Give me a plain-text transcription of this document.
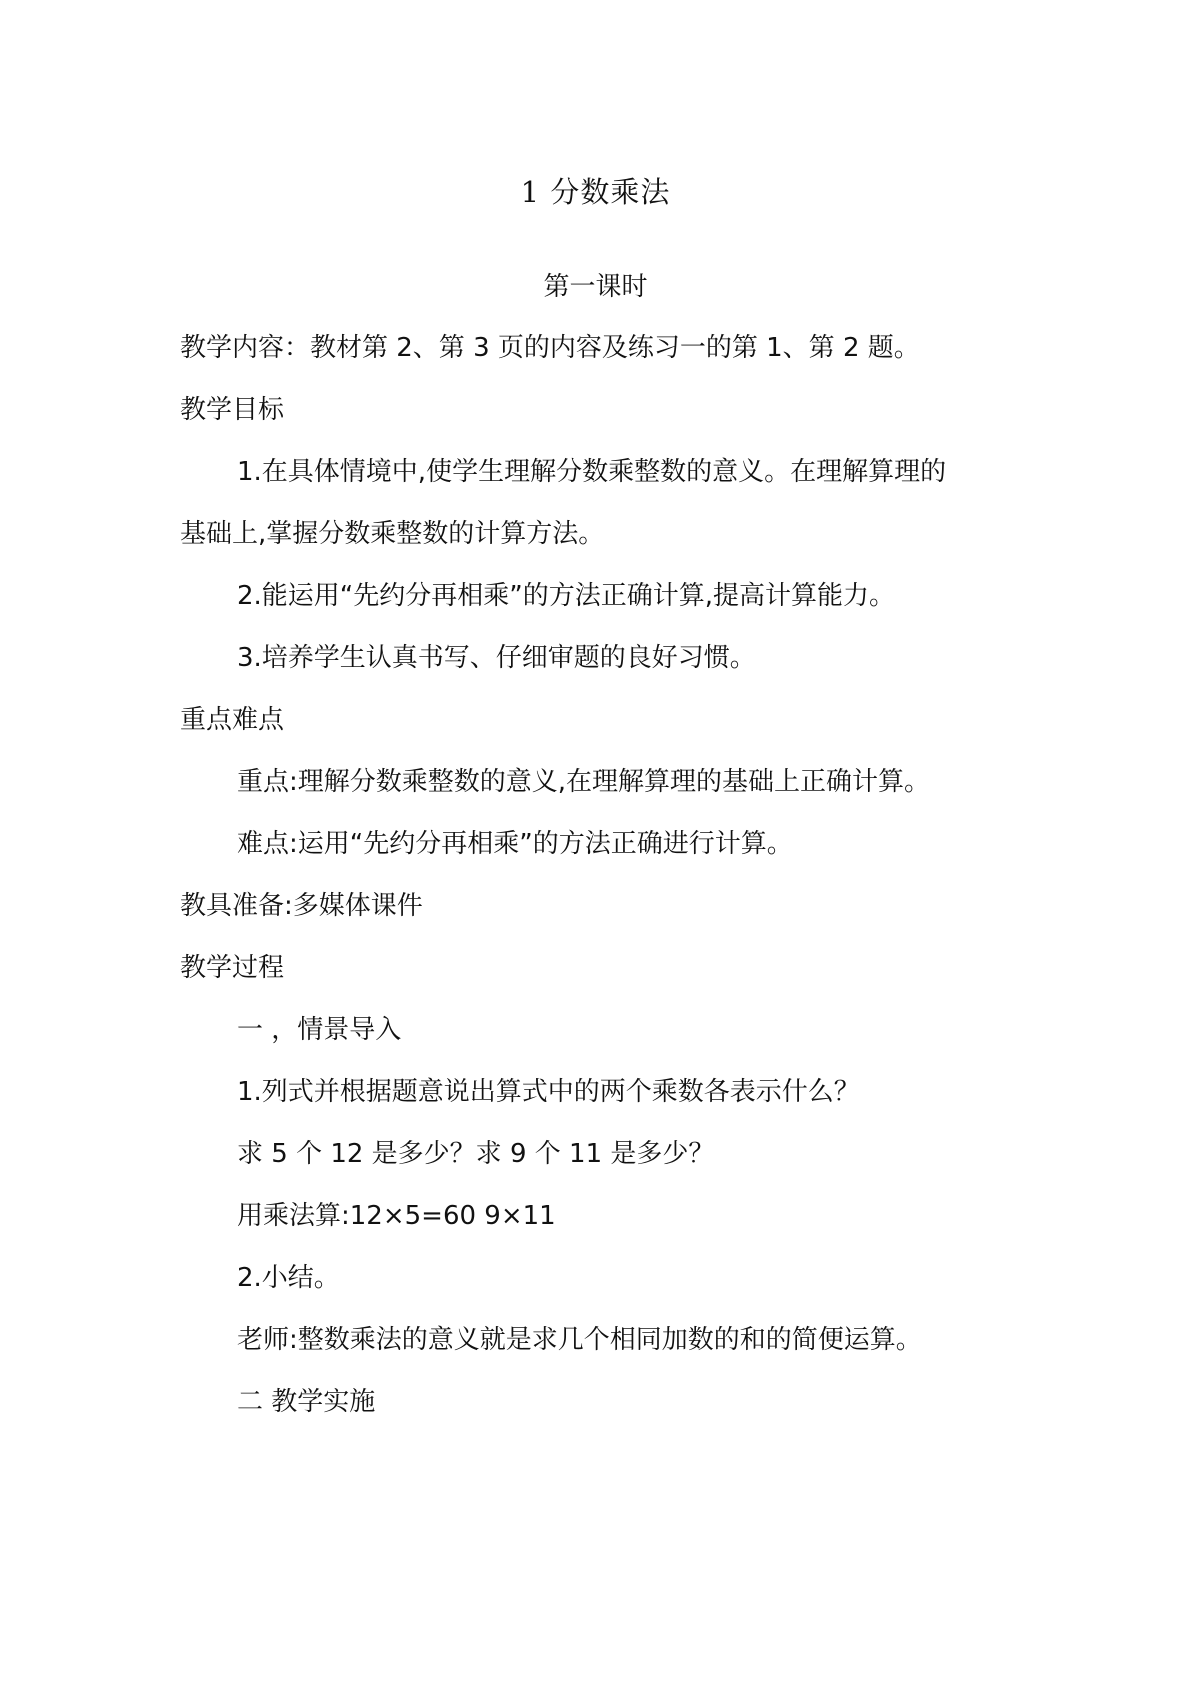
1 分数乘法
第一课时
教学内容：教材第 2、第 3 页的内容及练习一的第 1、第 2 题。
教学目标
1.在具体情境中,使学生理解分数乘整数的意义。在理解算理的
基础上,掌握分数乘整数的计算方法。
2.能运用“先约分再相乘”的方法正确计算,提高计算能力。
3.培养学生认真书写、仔细审题的良好习惯。
重点难点
重点:理解分数乘整数的意义,在理解算理的基础上正确计算。
难点:运用“先约分再相乘”的方法正确进行计算。
教具准备:多媒体课件
教学过程
一 ，情景导入
1.列式并根据题意说出算式中的两个乘数各表示什么？
求 5 个 12 是多少？求 9 个 11 是多少？
用乘法算:12×5=60 9×11
2.小结。
老师:整数乘法的意义就是求几个相同加数的和的简便运算。
二 教学实施
